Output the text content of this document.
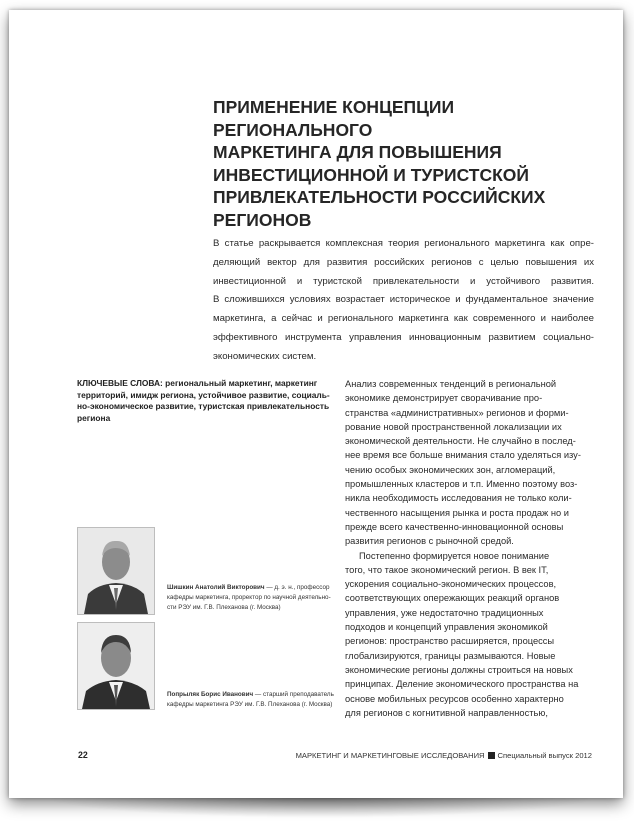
ПРИМЕНЕНИЕ КОНЦЕПЦИИ РЕГИОНАЛЬНОГО
МАРКЕТИНГА ДЛЯ ПОВЫШЕНИЯ
ИНВЕСТИЦИОННОЙ И ТУРИСТСКОЙ
ПРИВЛЕКАТЕЛЬНОСТИ РОССИЙСКИХ
РЕГИОНОВ
В статье раскрывается комплексная теория регионального маркетинга как опре-
деляющий вектор для развития российских регионов с целью повышения их
инвестиционной и туристской привлекательности и устойчивого развития.
В сложившихся условиях возрастает историческое и фундаментальное значение
маркетинга, а сейчас и регионального маркетинга как современного и наиболее
эффективного инструмента управления инновационным развитием социально-
экономических систем.
КЛЮЧЕВЫЕ СЛОВА: региональный маркетинг, маркетинг
территорий, имидж региона, устойчивое развитие, социаль-
но-экономическое развитие, туристская привлекательность
региона
Шишкин Анатолий Викторович — д. э. н., профессор
кафедры маркетинга, проректор по научной деятельно-
сти РЭУ им. Г.В. Плеханова (г. Москва)
Попрыляк Борис Иванович — старший преподаватель
кафедры маркетинга РЭУ им. Г.В. Плеханова (г. Москва)
Анализ современных тенденций в региональной
экономике демонстрирует сворачивание про-
странства «административных» регионов и форми-
рование новой пространственной локализации их
экономической деятельности. Не случайно в послед-
нее время все больше внимания стало уделяться изу-
чению особых экономических зон, агломераций,
промышленных кластеров и т.п. Именно поэтому воз-
никла необходимость исследования не только коли-
чественного насыщения рынка и роста продаж но и
прежде всего качественно-инновационной основы
развития регионов с рыночной средой.
Постепенно формируется новое понимание
того, что такое экономический регион. В век IT,
ускорения социально-экономических процессов,
соответствующих опережающих реакций органов
управления, уже недостаточно традиционных
подходов и концепций управления экономикой
регионов: пространство расширяется, процессы
глобализируются, границы размываются. Новые
экономические регионы должны строиться на новых
принципах. Деление экономического пространства на
основе мобильных ресурсов особенно характерно
для регионов с когнитивной направленностью,
22	МАРКЕТИНГ И МАРКЕТИНГОВЫЕ ИССЛЕДОВАНИЯ Специальный выпуск 2012
